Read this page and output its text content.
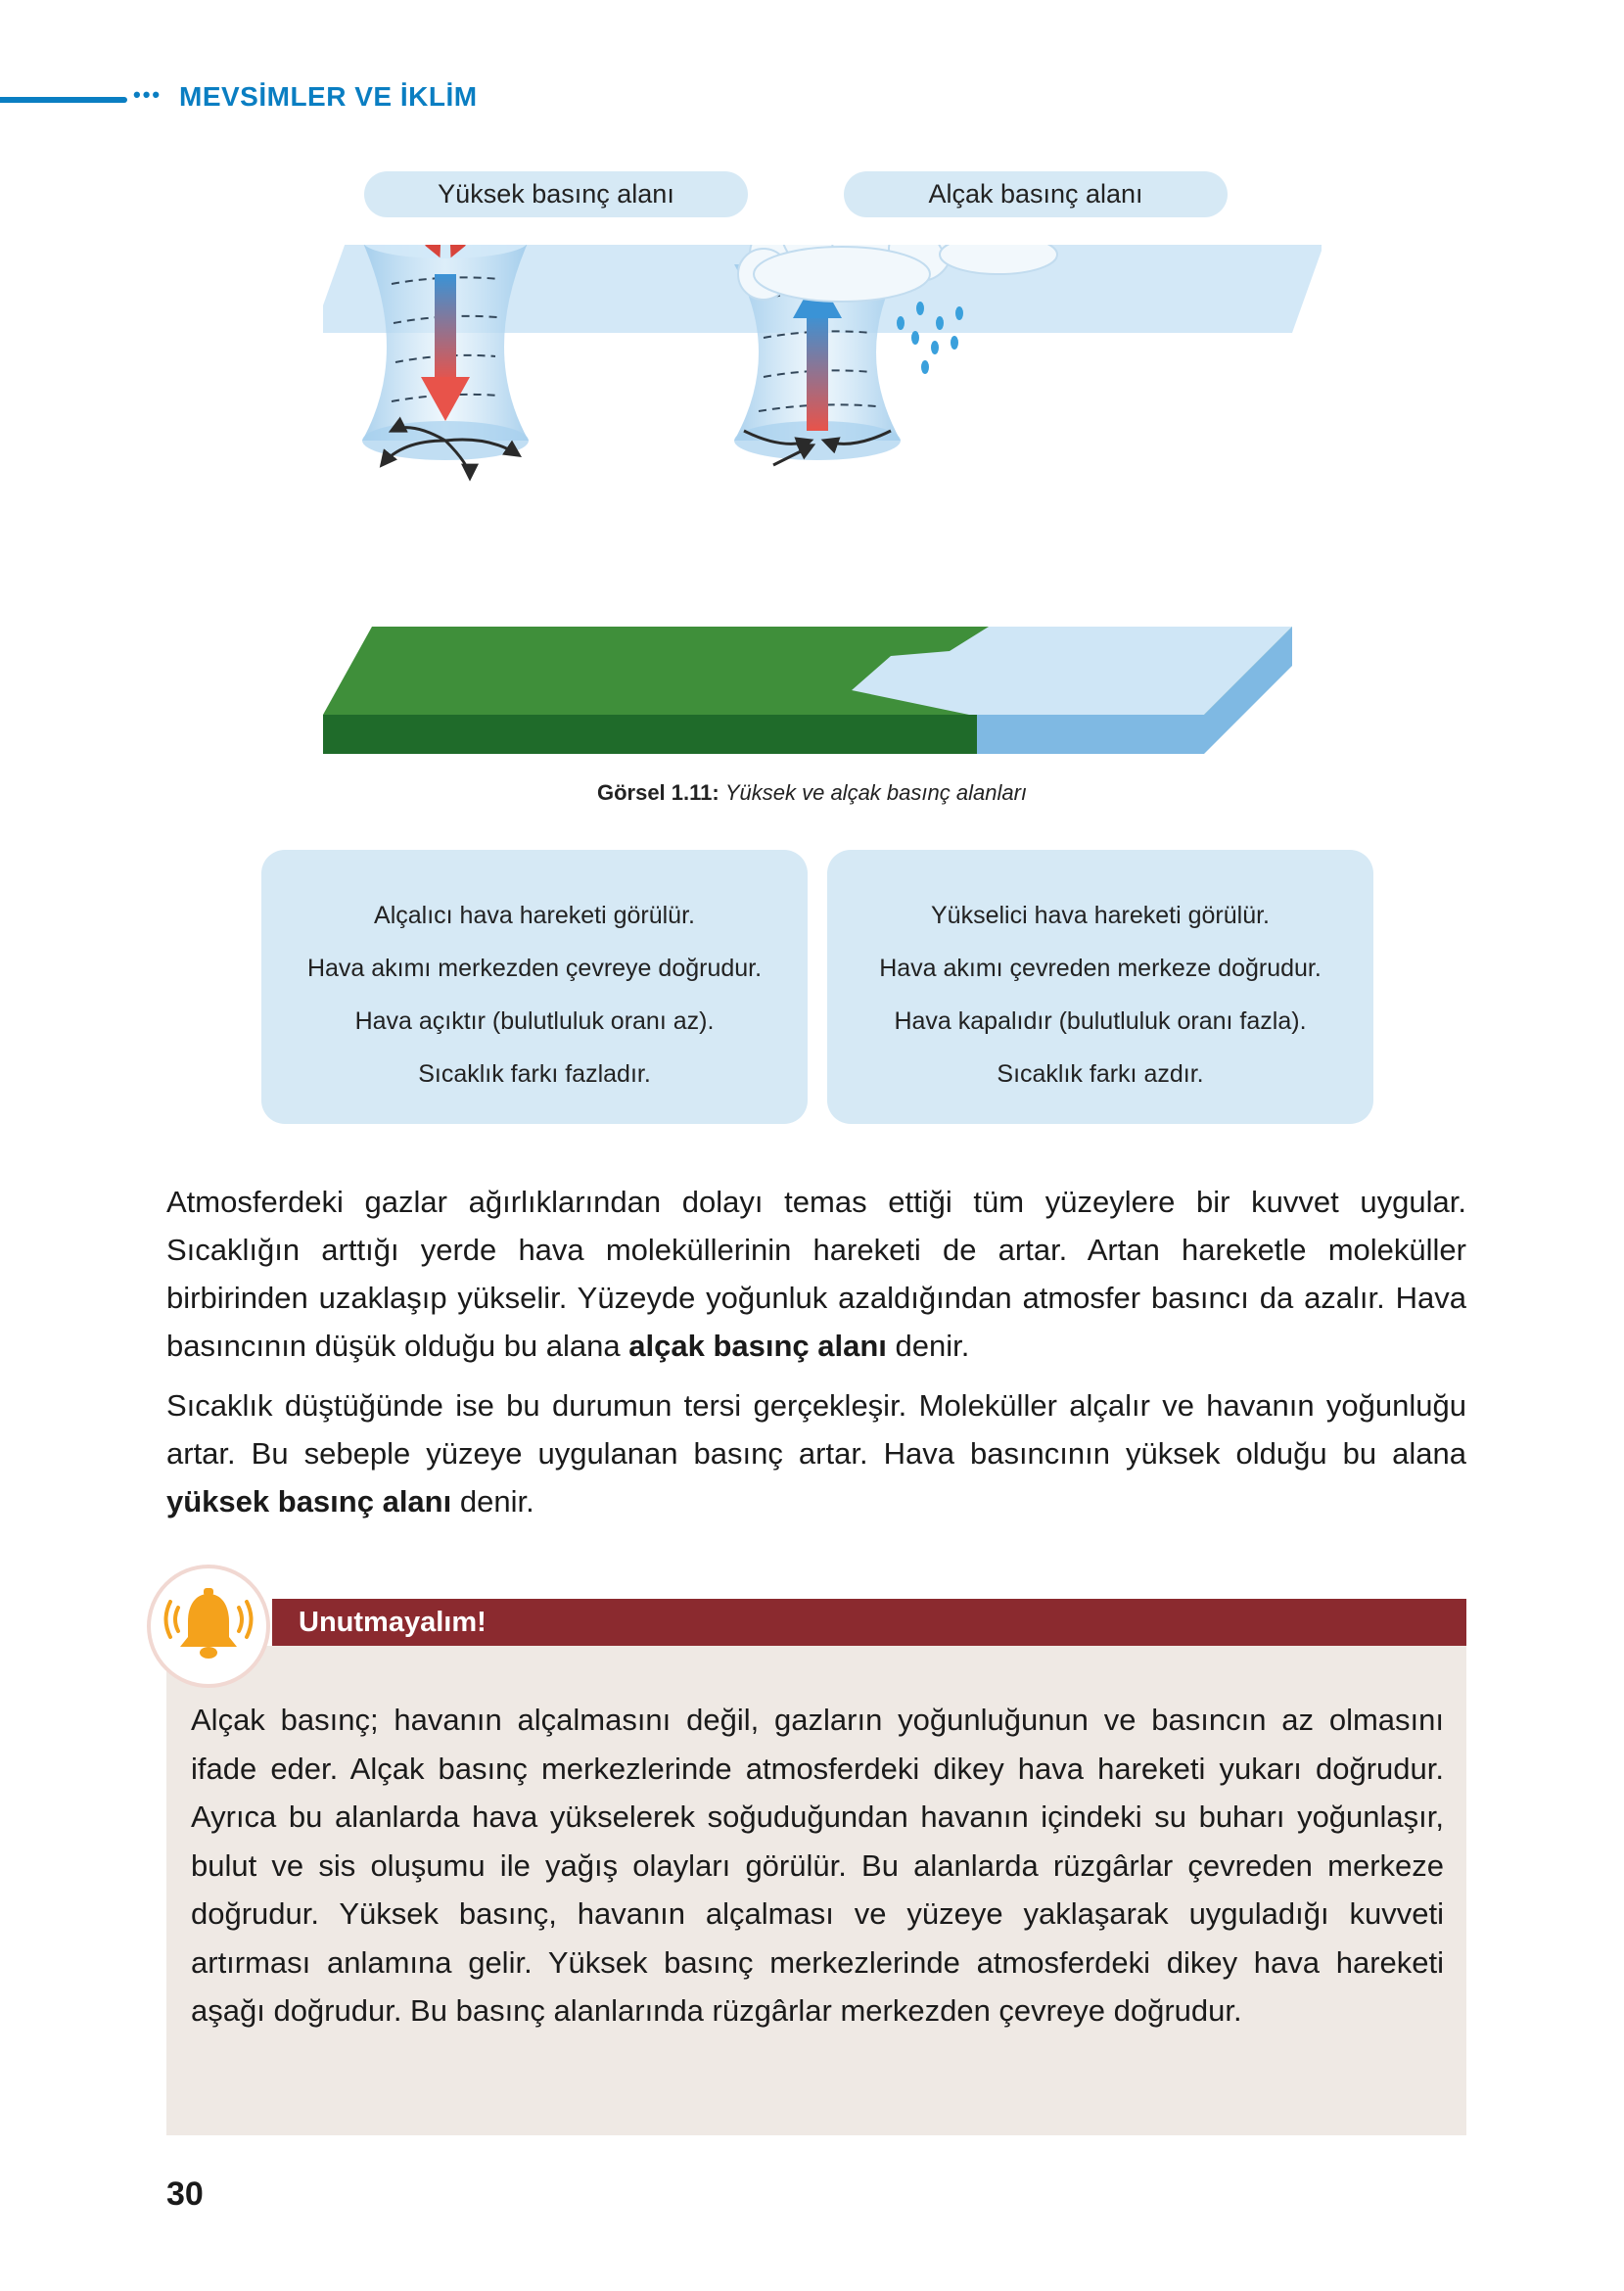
••• MEVSİMLER VE İKLİM
Yüksek basınç alanı	Alçak basınç alanı
Görsel 1.11: Yüksek ve alçak basınç alanları
Alçalıcı hava hareketi görülür.
Hava akımı merkezden çevreye doğrudur.
Hava açıktır (bulutluluk oranı az).
Sıcaklık farkı fazladır.
Yükselici hava hareketi görülür.
Hava akımı çevreden merkeze doğrudur.
Hava kapalıdır (bulutluluk oranı fazla).
Sıcaklık farkı azdır.
Atmosferdeki gazlar ağırlıklarından dolayı temas ettiği tüm yüzeylere bir kuvvet uygular. Sıcaklığın arttığı yerde hava moleküllerinin hareketi de artar. Artan hareketle moleküller birbirinden uzaklaşıp yükselir. Yüzeyde yoğunluk azaldığından atmosfer basıncı da azalır. Hava basıncının düşük olduğu bu alana alçak basınç alanı denir.
Sıcaklık düştüğünde ise bu durumun tersi gerçekleşir. Moleküller alçalır ve havanın yoğunluğu artar. Bu sebeple yüzeye uygulanan basınç artar. Hava basıncının yüksek olduğu bu alana yüksek basınç alanı denir.
Unutmayalım!
Alçak basınç; havanın alçalmasını değil, gazların yoğunluğunun ve basıncın az olmasını ifade eder. Alçak basınç merkezlerinde atmosferdeki dikey hava hareketi yukarı doğrudur. Ayrıca bu alanlarda hava yükselerek soğuduğundan havanın içindeki su buharı yoğunlaşır, bulut ve sis oluşumu ile yağış olayları görülür. Bu alanlarda rüzgârlar çevreden merkeze doğrudur. Yüksek basınç, havanın alçalması ve yüzeye yaklaşarak uyguladığı kuvveti artırması anlamına gelir. Yüksek basınç merkezlerinde atmosferdeki dikey hava hareketi aşağı doğrudur. Bu basınç alanlarında rüzgârlar merkezden çevreye doğrudur.
30
